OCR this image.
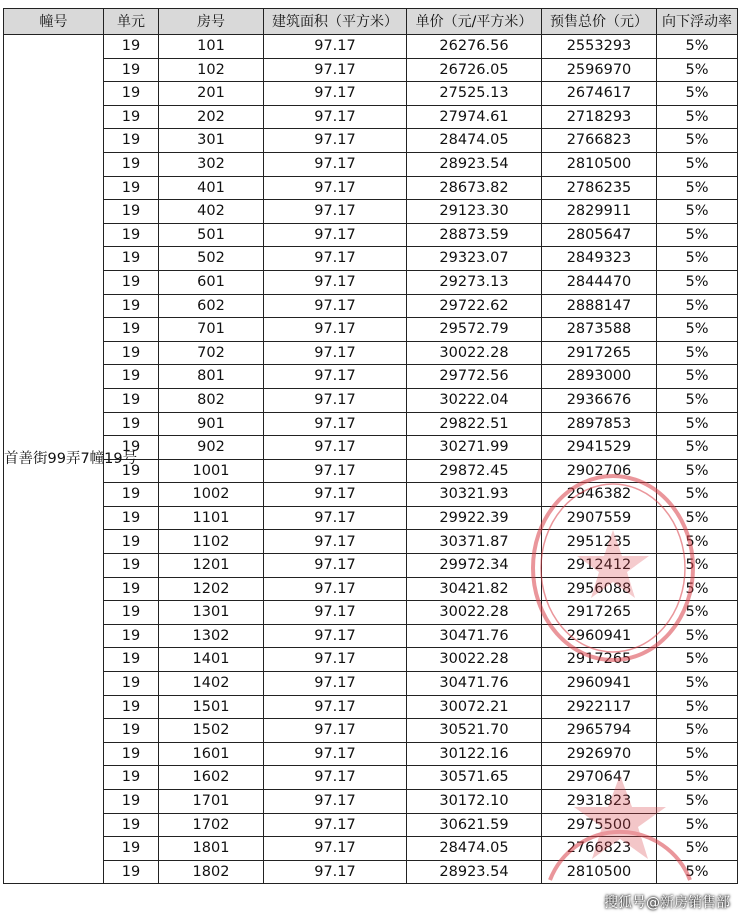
幢号	单元	房号	建筑面积（平方米）	单价（元/平方米）	预售总价（元）	向下浮动率
首善街99弄7幢19号	19	101	97.17	26276.56	2553293	5%
	19	102	97.17	26726.05	2596970	5%
	19	201	97.17	27525.13	2674617	5%
	19	202	97.17	27974.61	2718293	5%
	19	301	97.17	28474.05	2766823	5%
	19	302	97.17	28923.54	2810500	5%
	19	401	97.17	28673.82	2786235	5%
	19	402	97.17	29123.30	2829911	5%
	19	501	97.17	28873.59	2805647	5%
	19	502	97.17	29323.07	2849323	5%
	19	601	97.17	29273.13	2844470	5%
	19	602	97.17	29722.62	2888147	5%
	19	701	97.17	29572.79	2873588	5%
	19	702	97.17	30022.28	2917265	5%
	19	801	97.17	29772.56	2893000	5%
	19	802	97.17	30222.04	2936676	5%
	19	901	97.17	29822.51	2897853	5%
	19	902	97.17	30271.99	2941529	5%
	19	1001	97.17	29872.45	2902706	5%
	19	1002	97.17	30321.93	2946382	5%
	19	1101	97.17	29922.39	2907559	5%
	19	1102	97.17	30371.87	2951235	5%
	19	1201	97.17	29972.34	2912412	5%
	19	1202	97.17	30421.82	2956088	5%
	19	1301	97.17	30022.28	2917265	5%
	19	1302	97.17	30471.76	2960941	5%
	19	1401	97.17	30022.28	2917265	5%
	19	1402	97.17	30471.76	2960941	5%
	19	1501	97.17	30072.21	2922117	5%
	19	1502	97.17	30521.70	2965794	5%
	19	1601	97.17	30122.16	2926970	5%
	19	1602	97.17	30571.65	2970647	5%
	19	1701	97.17	30172.10	2931823	5%
	19	1702	97.17	30621.59	2975500	5%
	19	1801	97.17	28474.05	2766823	5%
	19	1802	97.17	28923.54	2810500	5%
搜狐号@新房销售部
